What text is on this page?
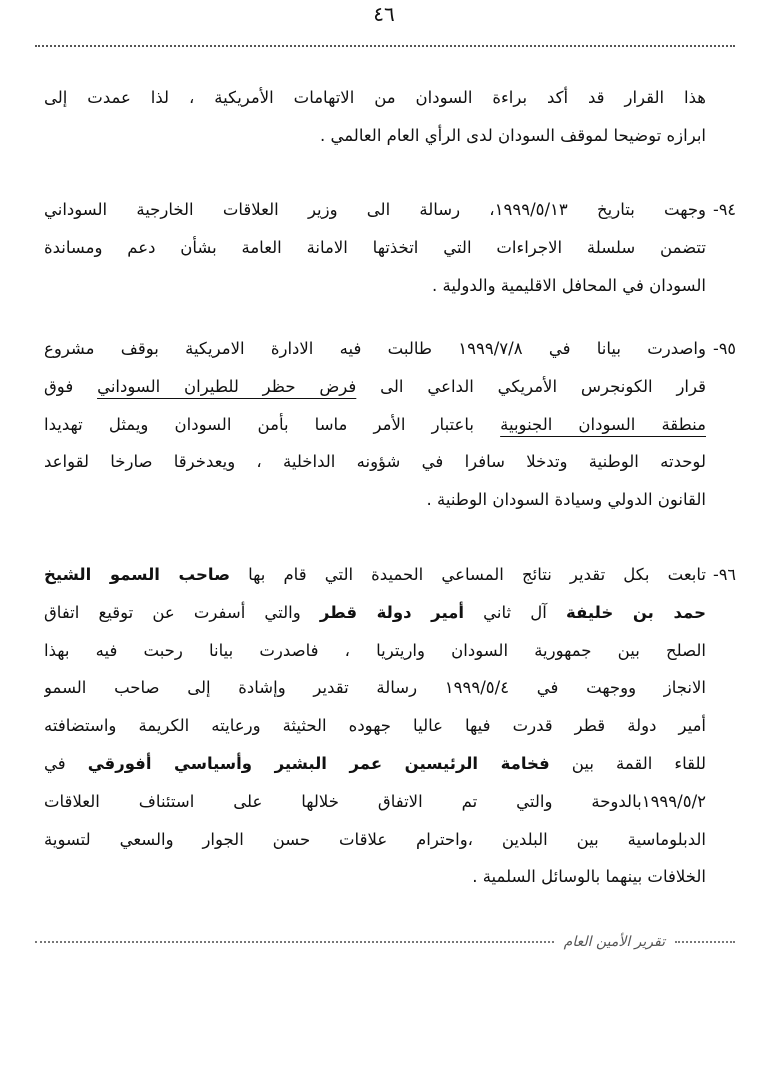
٤٦
هذا القرار قد أكد براءة السودان من الاتهامات الأمريكية ، لذا عمدت إلى
ابرازه توضيحا لموقف السودان لدى الرأي العام العالمي .
٩٤-
وجهت بتاريخ ١٩٩٩/٥/١٣، رسالة الى وزير العلاقات الخارجية السوداني
تتضمن سلسلة الاجراءات التي اتخذتها الامانة العامة بشأن دعم ومساندة
السودان في المحافل الاقليمية والدولية .
٩٥-
واصدرت بيانا في ١٩٩٩/٧/٨ طالبت فيه الادارة الامريكية بوقف مشروع
قرار الكونجرس الأمريكي الداعي الى فرض حظر للطيران السوداني فوق
منطقة السودان الجنوبية باعتبار الأمر ماسا بأمن السودان ويمثل تهديدا
لوحدته الوطنية وتدخلا سافرا في شؤونه الداخلية ، ويعدخرقا صارخا لقواعد
القانون الدولي وسيادة السودان الوطنية .
٩٦-
تابعت بكل تقدير نتائج المساعي الحميدة التي قام بها صاحب السمو الشيخ
حمد بن خليفة آل ثاني أمير دولة قطر والتي أسفرت عن توقيع اتفاق
الصلح بين جمهورية السودان واريتريا ، فاصدرت بيانا رحبت فيه بهذا
الانجاز ووجهت في ١٩٩٩/٥/٤ رسالة تقدير وإشادة إلى صاحب السمو
أمير دولة قطر قدرت فيها عاليا جهوده الحثيثة ورعايته الكريمة واستضافته
للقاء القمة بين فخامة الرئيسين عمر البشير وأسياسي أفورقي في
١٩٩٩/٥/٢بالدوحة والتي تم الاتفاق خلالها على استئناف العلاقات
الدبلوماسية بين البلدين ،واحترام علاقات حسن الجوار والسعي لتسوية
الخلافات بينهما بالوسائل السلمية .
تقرير الأمين العام
